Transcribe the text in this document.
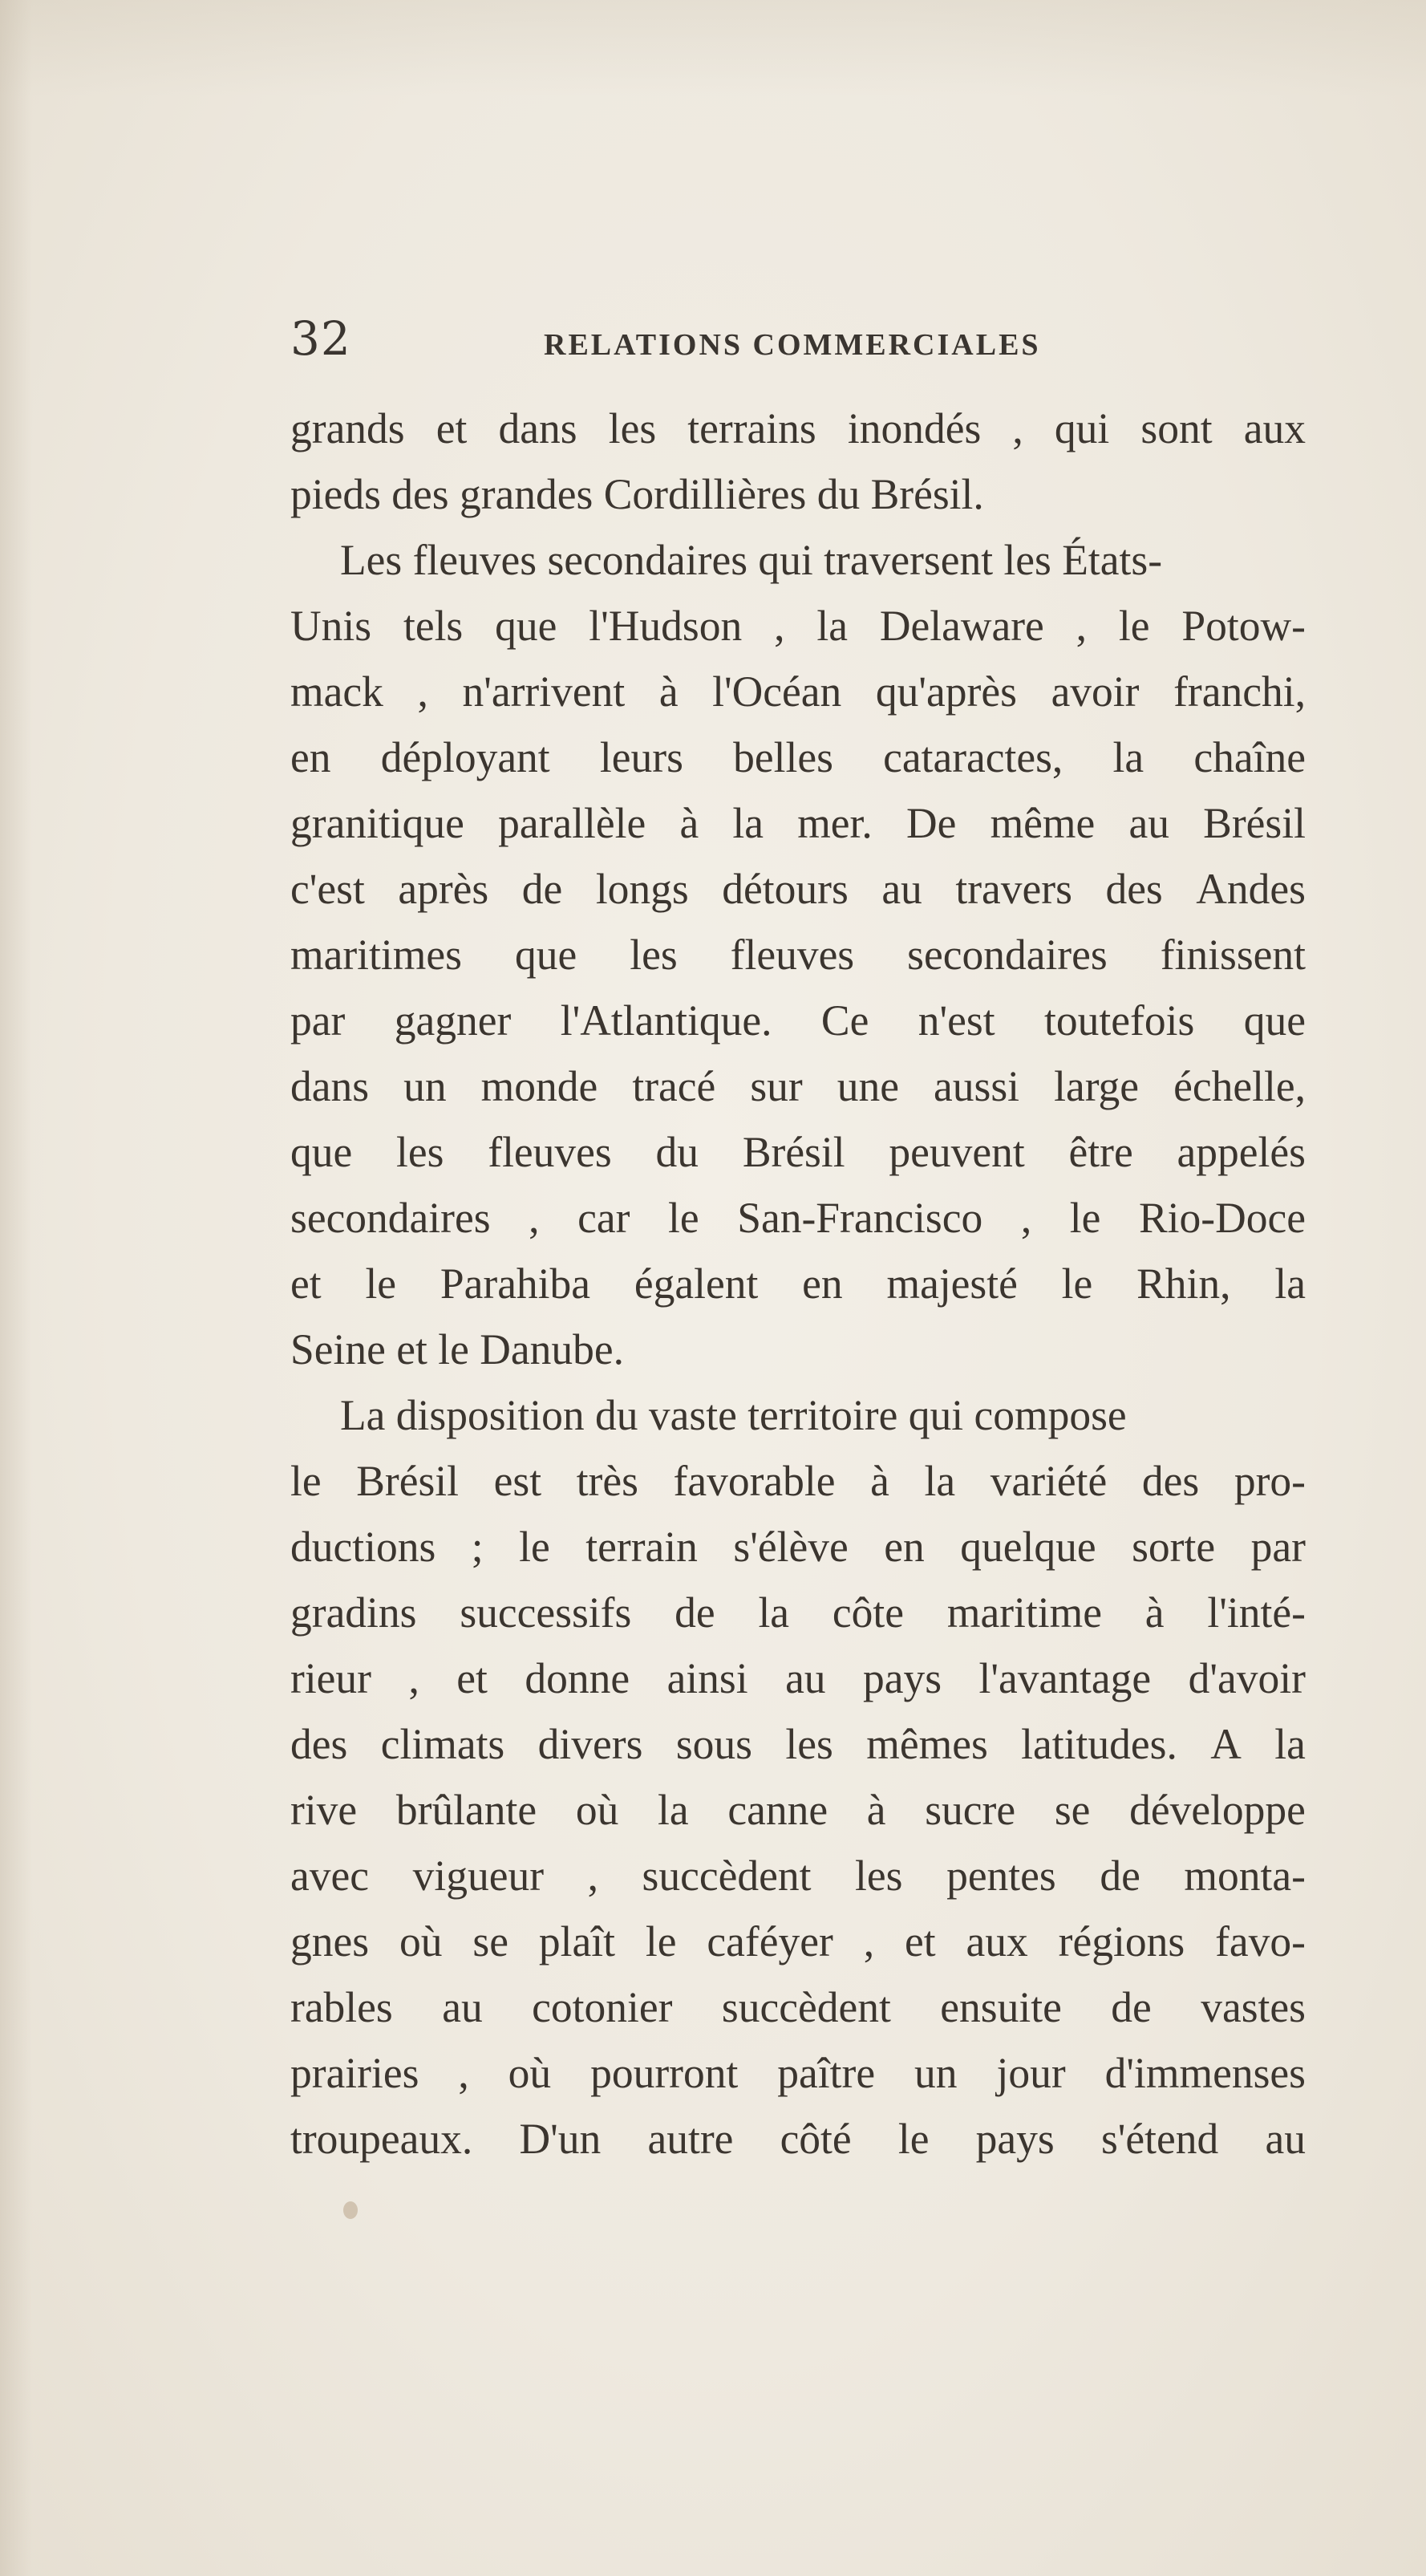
32	RELATIONS COMMERCIALES
grands et dans les terrains inondés , qui sont aux
pieds des grandes Cordillières du Brésil.
Les fleuves secondaires qui traversent les États-
Unis tels que l'Hudson , la Delaware , le Potow-
mack , n'arrivent à l'Océan qu'après avoir franchi,
en déployant leurs belles cataractes, la chaîne
granitique parallèle à la mer. De même au Brésil
c'est après de longs détours au travers des Andes
maritimes que les fleuves secondaires finissent
par gagner l'Atlantique. Ce n'est toutefois que
dans un monde tracé sur une aussi large échelle,
que les fleuves du Brésil peuvent être appelés
secondaires , car le San-Francisco , le Rio-Doce
et le Parahiba égalent en majesté le Rhin, la
Seine et le Danube.
La disposition du vaste territoire qui compose
le Brésil est très favorable à la variété des pro-
ductions ; le terrain s'élève en quelque sorte par
gradins successifs de la côte maritime à l'inté-
rieur , et donne ainsi au pays l'avantage d'avoir
des climats divers sous les mêmes latitudes. A la
rive brûlante où la canne à sucre se développe
avec vigueur , succèdent les pentes de monta-
gnes où se plaît le caféyer , et aux régions favo-
rables au cotonier succèdent ensuite de vastes
prairies , où pourront paître un jour d'immenses
troupeaux. D'un autre côté le pays s'étend au
